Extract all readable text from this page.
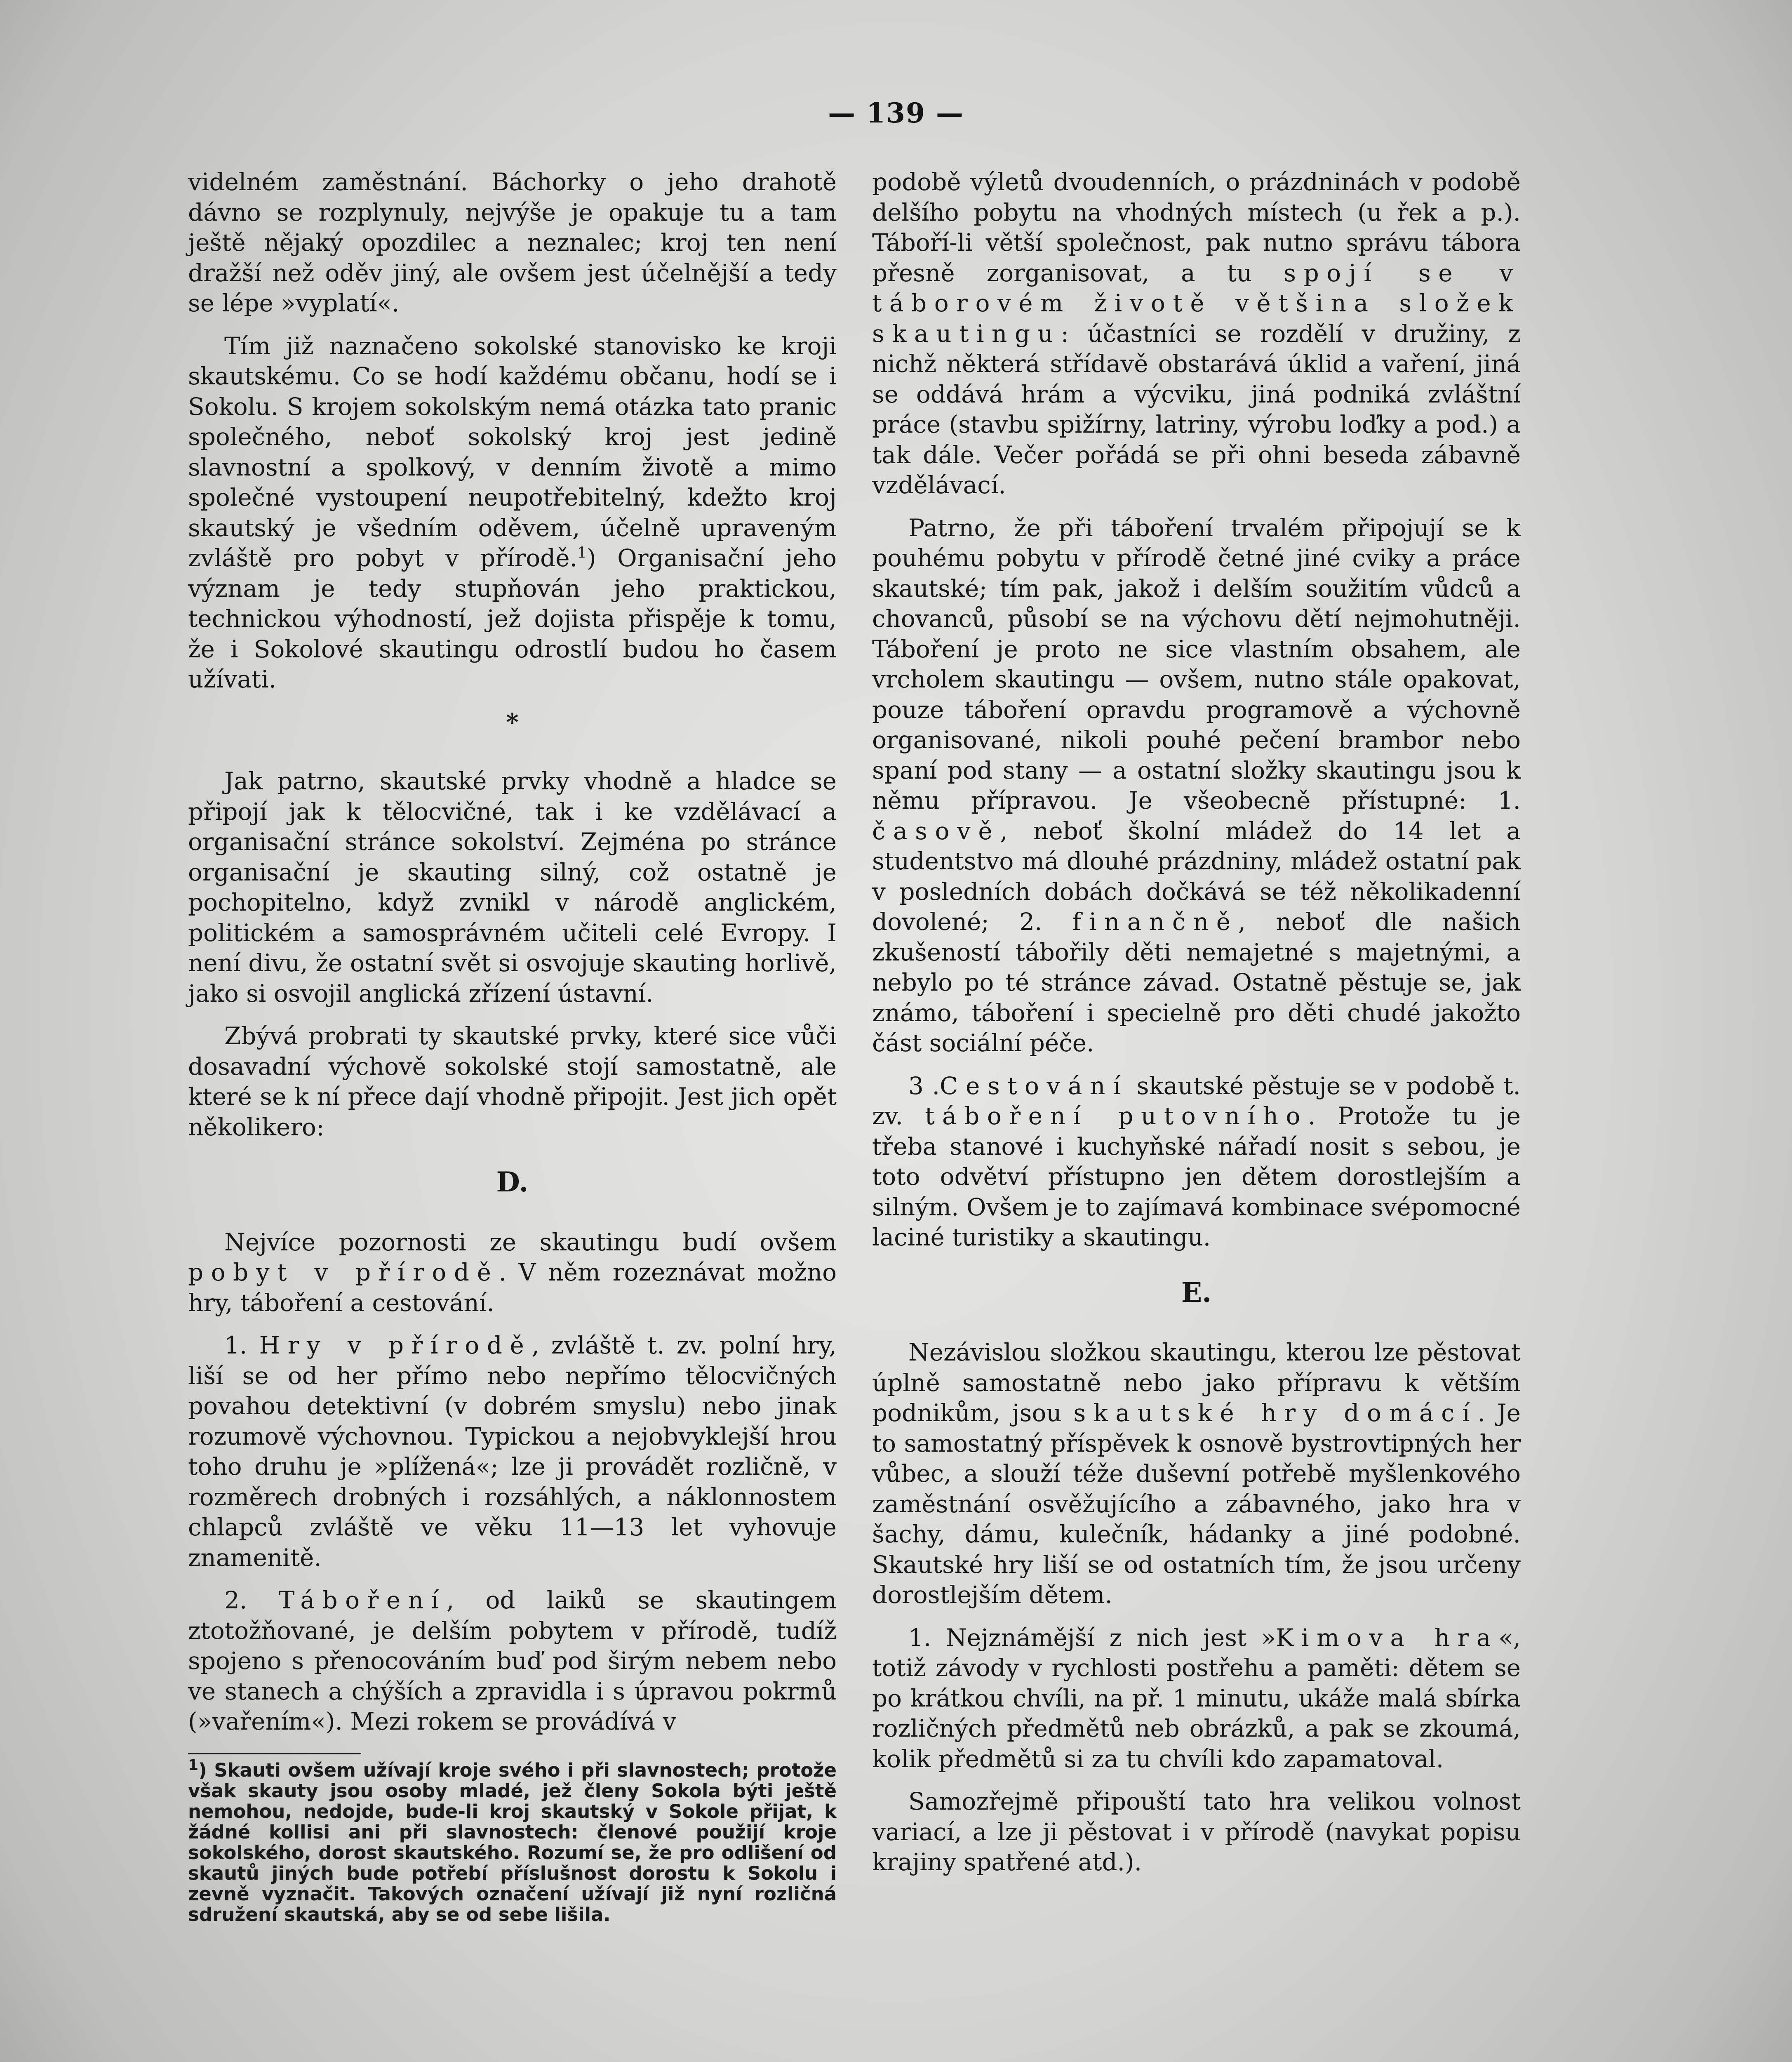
— 139 —

videlném zaměstnání. Báchorky o jeho drahotě dávno se rozplynuly, nejvýše je opakuje tu a tam ještě nějaký opozdilec a neznalec; kroj ten není dražší než oděv jiný, ale ovšem jest účelnější a tedy se lépe »vyplatí«.

Tím již naznačeno sokolské stanovisko ke kroji skautskému. Co se hodí každému občanu, hodí se i Sokolu. S krojem sokolským nemá otázka tato pranic společného, neboť sokolský kroj jest jedině slavnostní a spolkový, v denním životě a mimo společné vystoupení neupotřebitelný, kdežto kroj skautský je všedním oděvem, účelně upraveným zvláště pro pobyt v přírodě.$^1$) Organisační jeho význam je tedy stupňován jeho praktickou, technickou výhodností, jež dojista přispěje k tomu, že i Sokolové skautingu odrostlí budou ho časem užívati.

*

Jak patrno, skautské prvky vhodně a hladce se připojí jak k tělocvičné, tak i ke vzdělávací a organisační stránce sokolství. Zejména po stránce organisační je skauting silný, což ostatně je pochopitelno, když zvnikl v národě anglickém, politickém a samosprávném učiteli celé Evropy. I není divu, že ostatní svět si osvojuje skauting horlivě, jako si osvojil anglická zřízení ústavní.

Zbývá probrati ty skautské prvky, které sice vůči dosavadní výchově sokolské stojí samostatně, ale které se k ní přece dají vhodně připojit. Jest jich opět několikero:

D.

Nejvíce pozornosti ze skautingu budí ovšem pobyt v přírodě. V něm rozeznávat možno hry, táboření a cestování.

1. Hry v přírodě, zvláště t. zv. polní hry, liší se od her přímo nebo nepřímo tělocvičných povahou detektivní (v dobrém smyslu) nebo jinak rozumově výchovnou. Typickou a nejobvyklejší hrou toho druhu je »plížená«; lze ji provádět rozličně, v rozměrech drobných i rozsáhlých, a náklonnostem chlapců zvláště ve věku 11—13 let vyhovuje znamenitě.

2. Táboření, od laiků se skautingem ztotožňované, je delším pobytem v přírodě, tudíž spojeno s přenocováním buď pod širým nebem nebo ve stanech a chýších a zpravidla i s úpravou pokrmů (»vařením«). Mezi rokem se provádívá v

$^1$) Skauti ovšem užívají kroje svého i při slavnostech; protože však skauty jsou osoby mladé, jež členy Sokola býti ještě nemohou, nedojde, bude-li kroj skautský v Sokole přijat, k žádné kollisi ani při slavnostech: členové použijí kroje sokolského, dorost skautského. Rozumí se, že pro odlišení od skautů jiných bude potřebí příslušnost dorostu k Sokolu i zevně vyznačit. Takových označení užívají již nyní rozličná sdružení skautská, aby se od sebe lišila.

podobě výletů dvoudenních, o prázdninách v podobě delšího pobytu na vhodných místech (u řek a p.). Táboří-li větší společnost, pak nutno správu tábora přesně zorganisovat, a tu spojí se v táborovém životě většina složek skautingu: účastníci se rozdělí v družiny, z nichž některá střídavě obstarává úklid a vaření, jiná se oddává hrám a výcviku, jiná podniká zvláštní práce (stavbu spižírny, latriny, výrobu loďky a pod.) a tak dále. Večer pořádá se při ohni beseda zábavně vzdělávací.

Patrno, že při táboření trvalém připojují se k pouhému pobytu v přírodě četné jiné cviky a práce skautské; tím pak, jakož i delším soužitím vůdců a chovanců, působí se na výchovu dětí nejmohutněji. Táboření je proto ne sice vlastním obsahem, ale vrcholem skautingu — ovšem, nutno stále opakovat, pouze táboření opravdu programově a výchovně organisované, nikoli pouhé pečení brambor nebo spaní pod stany — a ostatní složky skautingu jsou k němu přípravou. Je všeobecně přístupné: 1. časově, neboť školní mládež do 14 let a studentstvo má dlouhé prázdniny, mládež ostatní pak v posledních dobách dočkává se též několikadenní dovolené; 2. finančně, neboť dle našich zkušeností tábořily děti nemajetné s majetnými, a nebylo po té stránce závad. Ostatně pěstuje se, jak známo, táboření i specielně pro děti chudé jakožto část sociální péče.

3 .Cestování skautské pěstuje se v podobě t. zv. táboření putovního. Protože tu je třeba stanové i kuchyňské nářadí nosit s sebou, je toto odvětví přístupno jen dětem dorostlejším a silným. Ovšem je to zajímavá kombinace svépomocné laciné turistiky a skautingu.

E.

Nezávislou složkou skautingu, kterou lze pěstovat úplně samostatně nebo jako přípravu k větším podnikům, jsou skautské hry domácí. Je to samostatný příspěvek k osnově bystrovtipných her vůbec, a slouží téže duševní potřebě myšlenkového zaměstnání osvěžujícího a zábavného, jako hra v šachy, dámu, kulečník, hádanky a jiné podobné. Skautské hry liší se od ostatních tím, že jsou určeny dorostlejším dětem.

1. Nejznámější z nich jest »Kimova hra«, totiž závody v rychlosti postřehu a paměti: dětem se po krátkou chvíli, na př. 1 minutu, ukáže malá sbírka rozličných předmětů neb obrázků, a pak se zkoumá, kolik předmětů si za tu chvíli kdo zapamatoval.

Samozřejmě připouští tato hra velikou volnost variací, a lze ji pěstovat i v přírodě (navykat popisu krajiny spatřené atd.).
